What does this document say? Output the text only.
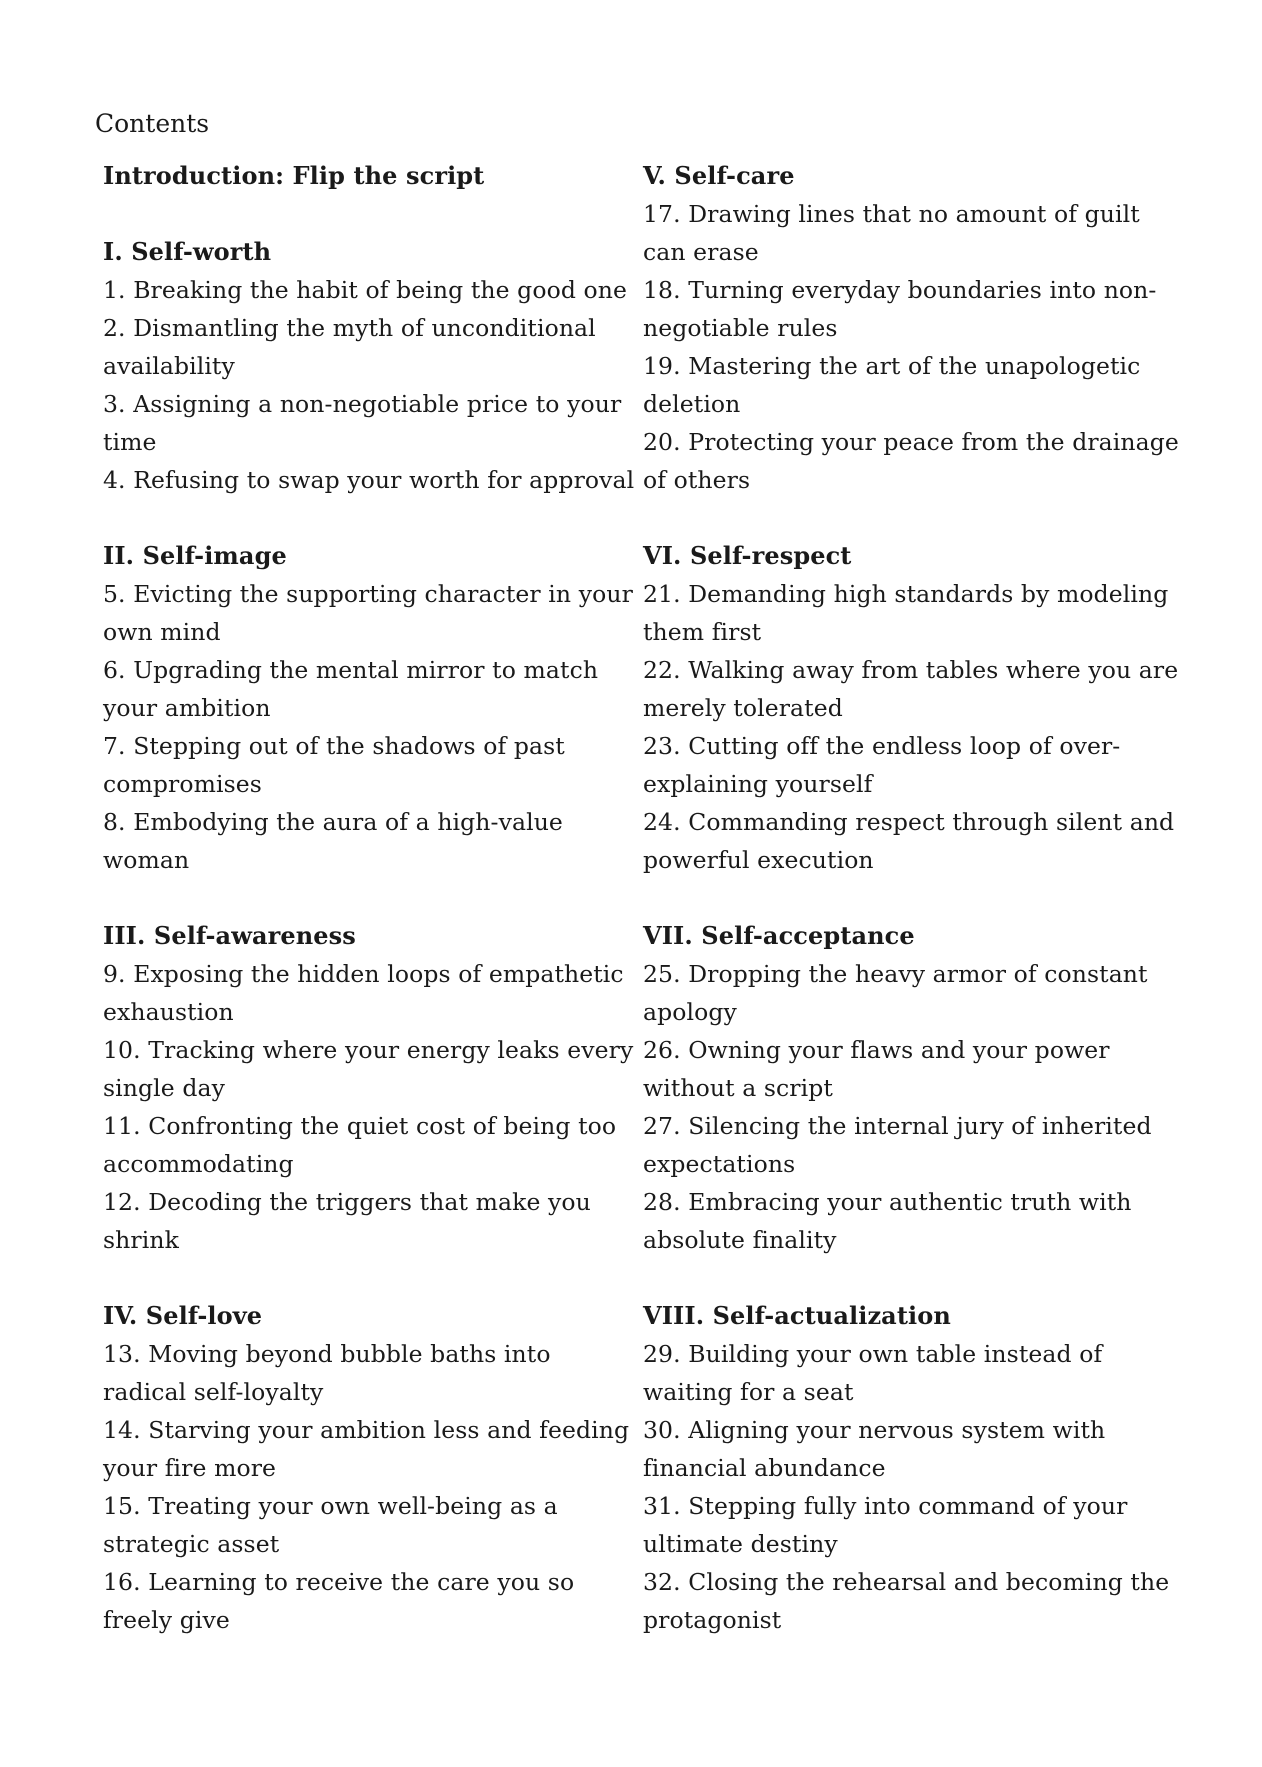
Contents

Introduction: Flip the script

I. Self-worth

1. Breaking the habit of being the good one

2. Dismantling the myth of unconditional availability

3. Assigning a non-negotiable price to your time

4. Refusing to swap your worth for approval

II. Self-image

5. Evicting the supporting character in your own mind

6. Upgrading the mental mirror to match your ambition

7. Stepping out of the shadows of past compromises

8. Embodying the aura of a high-value woman

III. Self-awareness

9. Exposing the hidden loops of empathetic exhaustion

10. Tracking where your energy leaks every single day

11. Confronting the quiet cost of being too accommodating

12. Decoding the triggers that make you shrink

IV. Self-love

13. Moving beyond bubble baths into radical self-loyalty

14. Starving your ambition less and feeding your fire more

15. Treating your own well-being as a strategic asset

16. Learning to receive the care you so freely give

V. Self-care

17. Drawing lines that no amount of guilt can erase

18. Turning everyday boundaries into non-negotiable rules

19. Mastering the art of the unapologetic deletion

20. Protecting your peace from the drainage of others

VI. Self-respect

21. Demanding high standards by modeling them first

22. Walking away from tables where you are merely tolerated

23. Cutting off the endless loop of over-explaining yourself

24. Commanding respect through silent and powerful execution

VII. Self-acceptance

25. Dropping the heavy armor of constant apology

26. Owning your flaws and your power without a script

27. Silencing the internal jury of inherited expectations

28. Embracing your authentic truth with absolute finality

VIII. Self-actualization

29. Building your own table instead of waiting for a seat

30. Aligning your nervous system with financial abundance

31. Stepping fully into command of your ultimate destiny

32. Closing the rehearsal and becoming the protagonist
